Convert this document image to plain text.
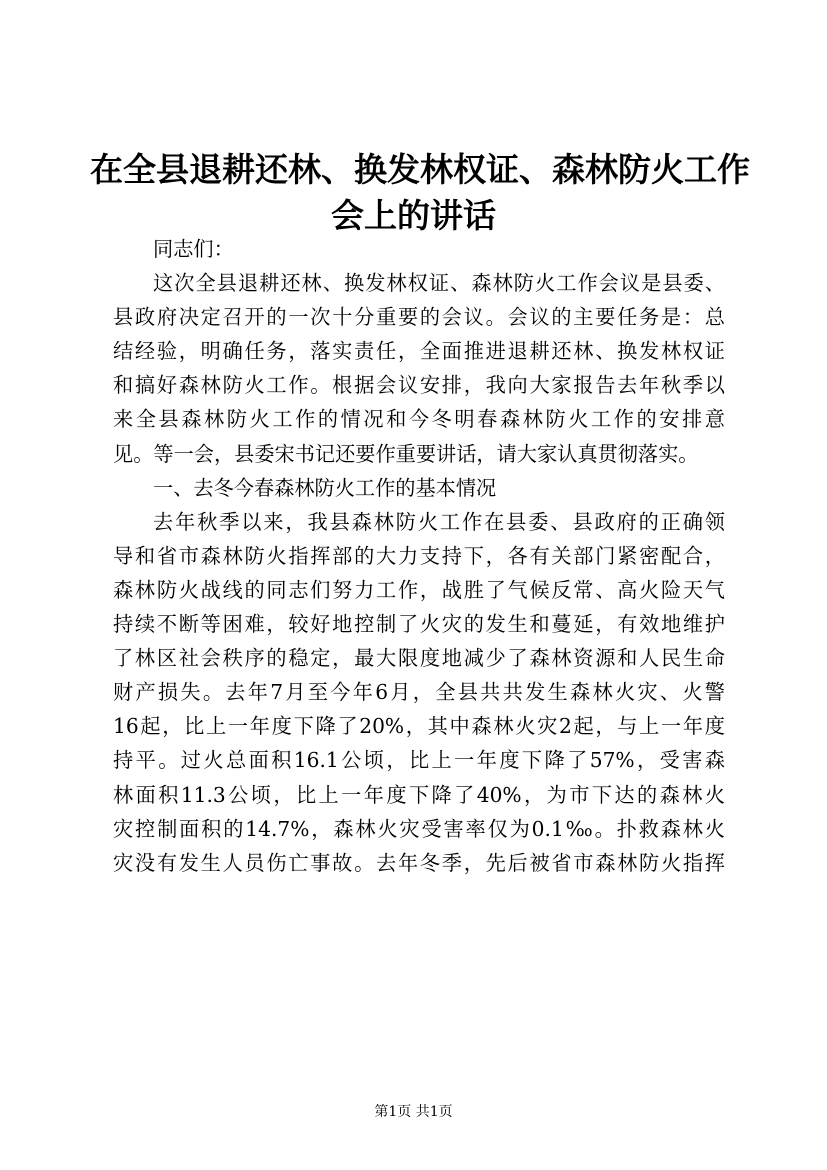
在全县退耕还林、换发林权证、森林防火工作
会上的讲话
同志们：
这次全县退耕还林、换发林权证、森林防火工作会议是县委、
县政府决定召开的一次十分重要的会议。会议的主要任务是：总
结经验，明确任务，落实责任，全面推进退耕还林、换发林权证
和搞好森林防火工作。根据会议安排，我向大家报告去年秋季以
来全县森林防火工作的情况和今冬明春森林防火工作的安排意
见。等一会，县委宋书记还要作重要讲话，请大家认真贯彻落实。
一、去冬今春森林防火工作的基本情况
去年秋季以来，我县森林防火工作在县委、县政府的正确领
导和省市森林防火指挥部的大力支持下，各有关部门紧密配合，
森林防火战线的同志们努力工作，战胜了气候反常、高火险天气
持续不断等困难，较好地控制了火灾的发生和蔓延，有效地维护
了林区社会秩序的稳定，最大限度地减少了森林资源和人民生命
财产损失。去年7月至今年6月，全县共共发生森林火灾、火警
16起，比上一年度下降了20%，其中森林火灾2起，与上一年度
持平。过火总面积16.1公顷，比上一年度下降了57%，受害森
林面积11.3公顷，比上一年度下降了40%，为市下达的森林火
灾控制面积的14.7%，森林火灾受害率仅为0.1‰。扑救森林火
灾没有发生人员伤亡事故。去年冬季，先后被省市森林防火指挥
第1页 共1页
